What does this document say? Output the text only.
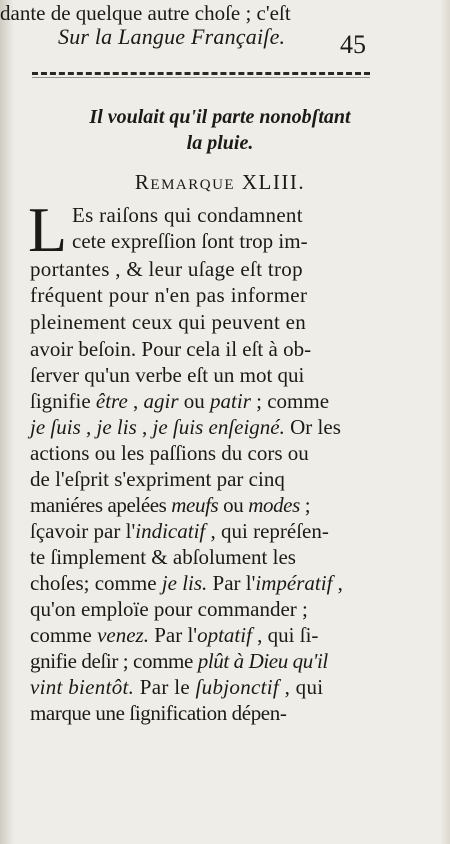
Sur la Langue Françaiſe.	45
Il voulait qu'il parte nonobſtant
la pluie.
Remarque XLIII.
L Es raiſons qui condamnent
cete expreſſion ſont trop im-
portantes , & leur uſage eſt trop
fréquent pour n'en pas informer
pleinement ceux qui peuvent en
avoir beſoin. Pour cela il eſt à ob-
ſerver qu'un verbe eſt un mot qui
ſignifie être , agir ou patir ; comme
je ſuis , je lis , je ſuis enſeigné. Or les
actions ou les paſſions du cors ou
de l'eſprit s'expriment par cinq
maniéres apelées meufs ou modes ;
ſçavoir par l'indicatif , qui repréſen-
te ſimplement & abſolument les
choſes; comme je lis. Par l'impératif ,
qu'on emploïe pour commander ;
comme venez. Par l'optatif , qui ſi-
gnifie deſir ; comme plût à Dieu qu'il
vint bientôt. Par le ſubjonctif , qui
marque une ſignification dépen-
dante de quelque autre choſe ; c'eſt
